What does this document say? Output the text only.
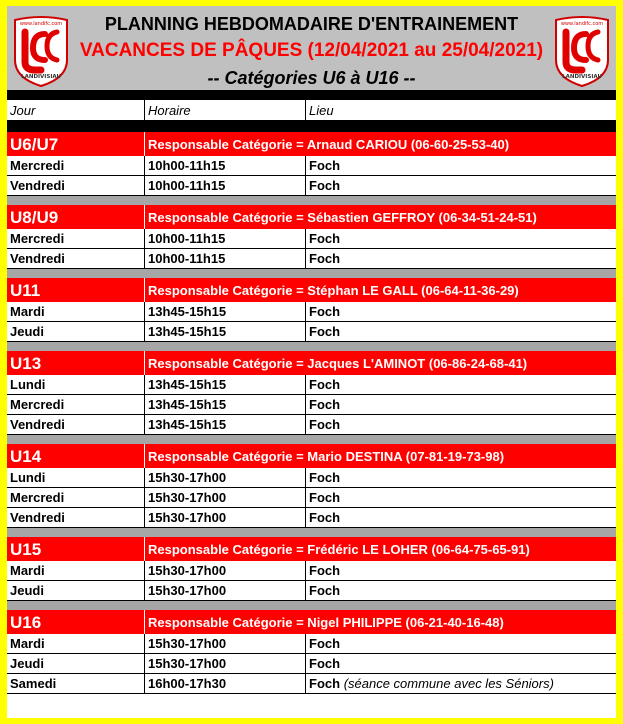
www.landifc.com
LANDIVISIAU
PLANNING HEBDOMADAIRE D'ENTRAINEMENT
VACANCES DE PÂQUES (12/04/2021 au 25/04/2021)
-- Catégories U6 à U16 --
www.landifc.com
LANDIVISIAU
Jour	Horaire	Lieu
U6/U7	Responsable Catégorie = Arnaud CARIOU (06-60-25-53-40)
Mercredi	10h00-11h15	Foch
Vendredi	10h00-11h15	Foch
U8/U9	Responsable Catégorie = Sébastien GEFFROY (06-34-51-24-51)
Mercredi	10h00-11h15	Foch
Vendredi	10h00-11h15	Foch
U11	Responsable Catégorie = Stéphan LE GALL (06-64-11-36-29)
Mardi	13h45-15h15	Foch
Jeudi	13h45-15h15	Foch
U13	Responsable Catégorie = Jacques L'AMINOT (06-86-24-68-41)
Lundi	13h45-15h15	Foch
Mercredi	13h45-15h15	Foch
Vendredi	13h45-15h15	Foch
U14	Responsable Catégorie = Mario DESTINA (07-81-19-73-98)
Lundi	15h30-17h00	Foch
Mercredi	15h30-17h00	Foch
Vendredi	15h30-17h00	Foch
U15	Responsable Catégorie = Frédéric LE LOHER (06-64-75-65-91)
Mardi	15h30-17h00	Foch
Jeudi	15h30-17h00	Foch
U16	Responsable Catégorie = Nigel PHILIPPE (06-21-40-16-48)
Mardi	15h30-17h00	Foch
Jeudi	15h30-17h00	Foch
Samedi	16h00-17h30	Foch (séance commune avec les Séniors)
